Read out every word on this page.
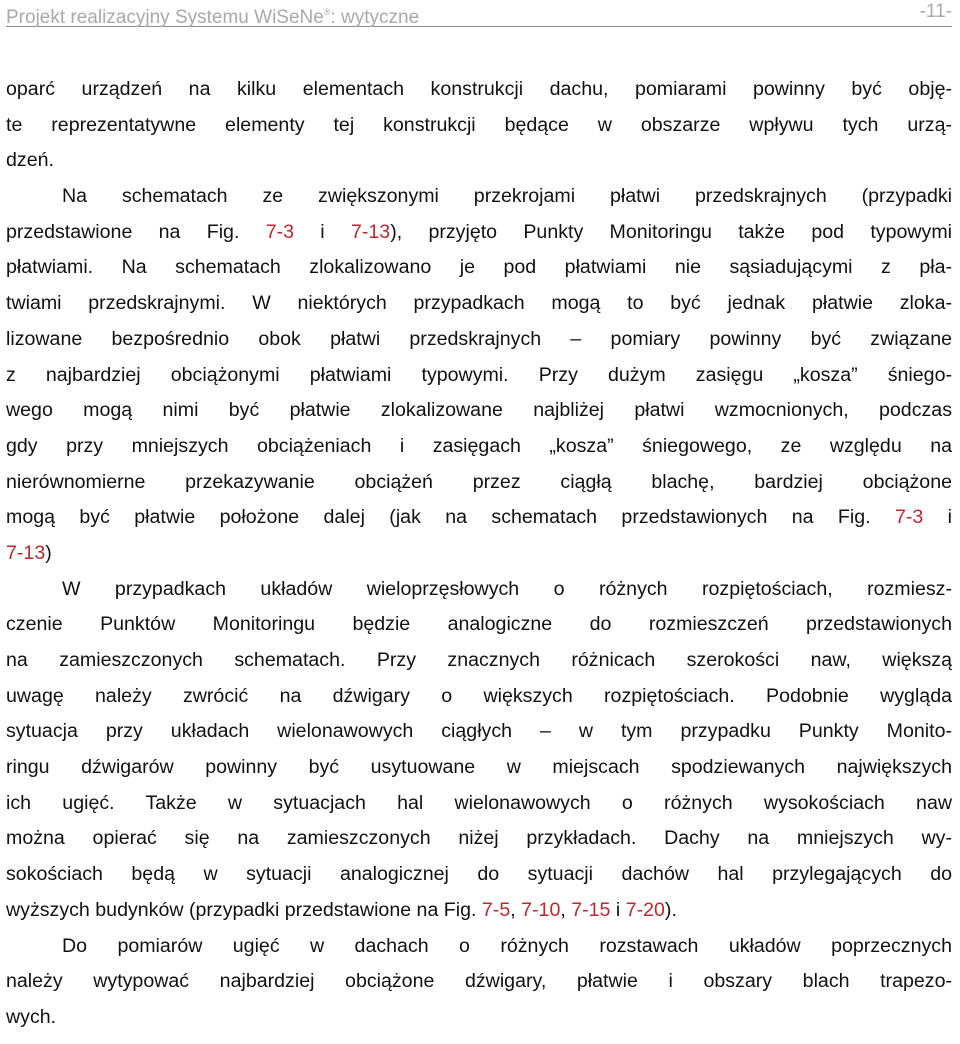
Projekt realizacyjny Systemu WiSeNe®: wytyczne	-11-
oparć urządzeń na kilku elementach konstrukcji dachu, pomiarami powinny być obję-
te reprezentatywne elementy tej konstrukcji będące w obszarze wpływu tych urzą-
dzeń.
Na schematach ze zwiększonymi przekrojami płatwi przedskrajnych (przypadki
przedstawione na Fig. 7-3 i 7-13), przyjęto Punkty Monitoringu także pod typowymi
płatwiami. Na schematach zlokalizowano je pod płatwiami nie sąsiadującymi z pła-
twiami przedskrajnymi. W niektórych przypadkach mogą to być jednak płatwie zloka-
lizowane bezpośrednio obok płatwi przedskrajnych – pomiary powinny być związane
z najbardziej obciążonymi płatwiami typowymi. Przy dużym zasięgu „kosza” śniego-
wego mogą nimi być płatwie zlokalizowane najbliżej płatwi wzmocnionych, podczas
gdy przy mniejszych obciążeniach i zasięgach „kosza” śniegowego, ze względu na
nierównomierne przekazywanie obciążeń przez ciągłą blachę, bardziej obciążone
mogą być płatwie położone dalej (jak na schematach przedstawionych na Fig. 7-3 i
7-13)
W przypadkach układów wieloprzęsłowych o różnych rozpiętościach, rozmiesz-
czenie Punktów Monitoringu będzie analogiczne do rozmieszczeń przedstawionych
na zamieszczonych schematach. Przy znacznych różnicach szerokości naw, większą
uwagę należy zwrócić na dźwigary o większych rozpiętościach. Podobnie wygląda
sytuacja przy układach wielonawowych ciągłych – w tym przypadku Punkty Monito-
ringu dźwigarów powinny być usytuowane w miejscach spodziewanych największych
ich ugięć. Także w sytuacjach hal wielonawowych o różnych wysokościach naw
można opierać się na zamieszczonych niżej przykładach. Dachy na mniejszych wy-
sokościach będą w sytuacji analogicznej do sytuacji dachów hal przylegających do
wyższych budynków (przypadki przedstawione na Fig. 7-5, 7-10, 7-15 i 7-20).
Do pomiarów ugięć w dachach o różnych rozstawach układów poprzecznych
należy wytypować najbardziej obciążone dźwigary, płatwie i obszary blach trapezo-
wych.
